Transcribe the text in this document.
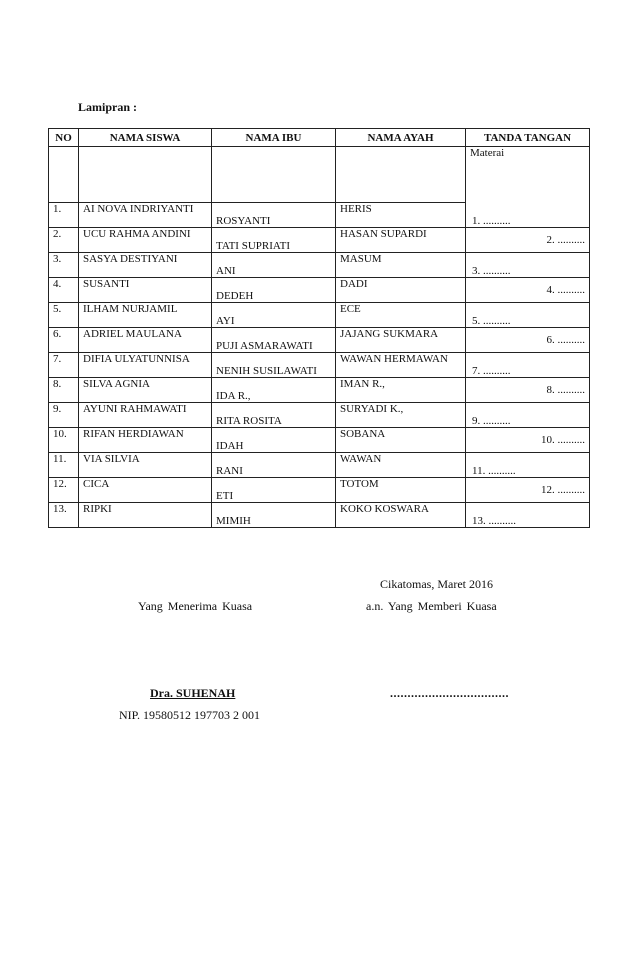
Lamipran :
NO	NAMA SISWA	NAMA IBU	NAMA AYAH	TANDA TANGAN
				Materai
1.	AI NOVA INDRIYANTI	ROSYANTI	HERIS	1. ..........
2.	UCU RAHMA ANDINI	TATI SUPRIATI	HASAN SUPARDI	2. ..........
3.	SASYA DESTIYANI	ANI	MASUM	3. ..........
4.	SUSANTI	DEDEH	DADI	4. ..........
5.	ILHAM NURJAMIL	AYI	ECE	5. ..........
6.	ADRIEL MAULANA	PUJI ASMARAWATI	JAJANG SUKMARA	6. ..........
7.	DIFIA ULYATUNNISA	NENIH SUSILAWATI	WAWAN HERMAWAN	7. ..........
8.	SILVA AGNIA	IDA R.,	IMAN R.,	8. ..........
9.	AYUNI RAHMAWATI	RITA ROSITA	SURYADI K.,	9. ..........
10.	RIFAN HERDIAWAN	IDAH	SOBANA	10. ..........
11.	VIA SILVIA	RANI	WAWAN	11. ..........
12.	CICA	ETI	TOTOM	12. ..........
13.	RIPKI	MIMIH	KOKO KOSWARA	13. ..........
Cikatomas, Maret 2016
Yang Menerima Kuasa	a.n. Yang Memberi Kuasa
Dra. SUHENAH	..................................
NIP. 19580512 197703 2 001
